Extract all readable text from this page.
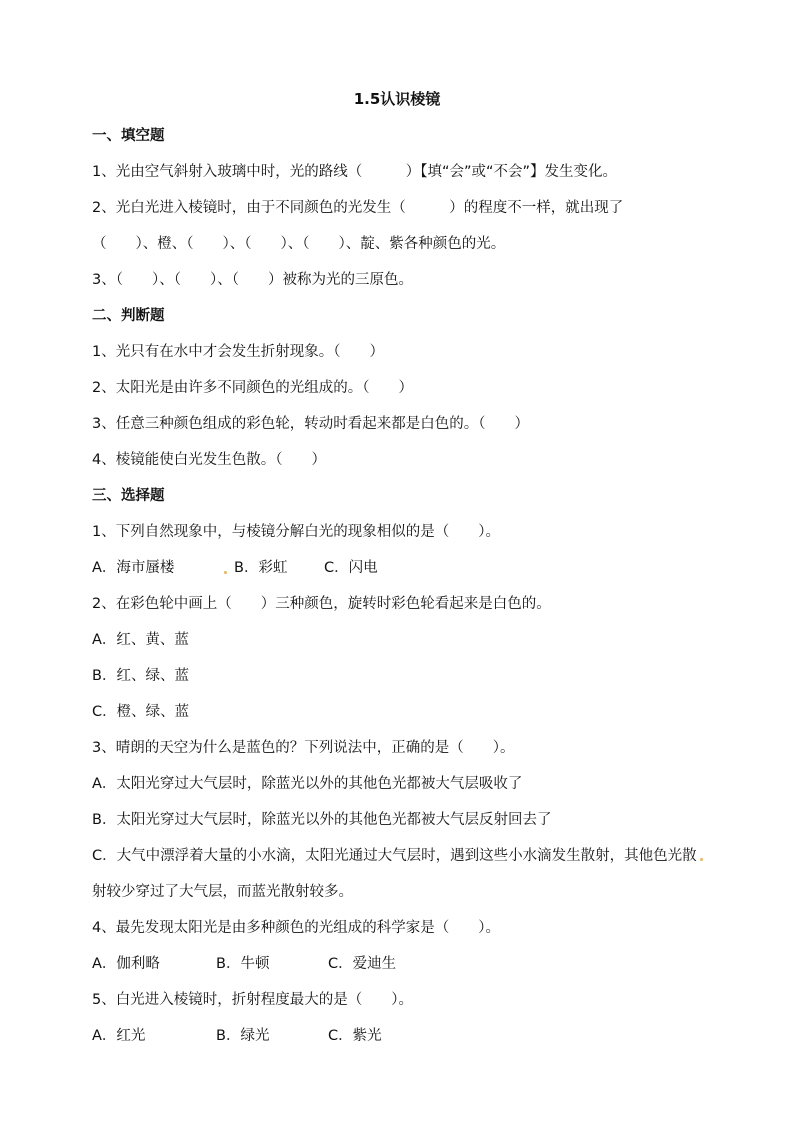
1.5认识棱镜
一、填空题
1、光由空气斜射入玻璃中时，光的路线（　　　）【填“会”或“不会”】发生变化。
2、光白光进入棱镜时，由于不同颜色的光发生（　　　）的程度不一样，就出现了
（　　）、橙、（　　）、（　　）、（　　）、靛、紫各种颜色的光。
3、（　　）、（　　）、（　　）被称为光的三原色。
二、判断题
1、光只有在水中才会发生折射现象。（　　）
2、太阳光是由许多不同颜色的光组成的。（　　）
3、任意三种颜色组成的彩色轮，转动时看起来都是白色的。（　　）
4、棱镜能使白光发生色散。（　　）
三、选择题
1、下列自然现象中，与棱镜分解白光的现象相似的是（　　）。
A．海市蜃楼	B．彩虹	C．闪电
2、在彩色轮中画上（　　）三种颜色，旋转时彩色轮看起来是白色的。
A．红、黄、蓝
B．红、绿、蓝
C．橙、绿、蓝
3、晴朗的天空为什么是蓝色的？下列说法中，正确的是（　　）。
A．太阳光穿过大气层时，除蓝光以外的其他色光都被大气层吸收了
B．太阳光穿过大气层时，除蓝光以外的其他色光都被大气层反射回去了
C．大气中漂浮着大量的小水滴，太阳光通过大气层时，遇到这些小水滴发生散射，其他色光散射较少穿过了大气层，而蓝光散射较多。
4、最先发现太阳光是由多种颜色的光组成的科学家是（　　）。
A．伽利略	B．牛顿	C．爱迪生
5、白光进入棱镜时，折射程度最大的是（　　）。
A．红光	B．绿光	C．紫光
